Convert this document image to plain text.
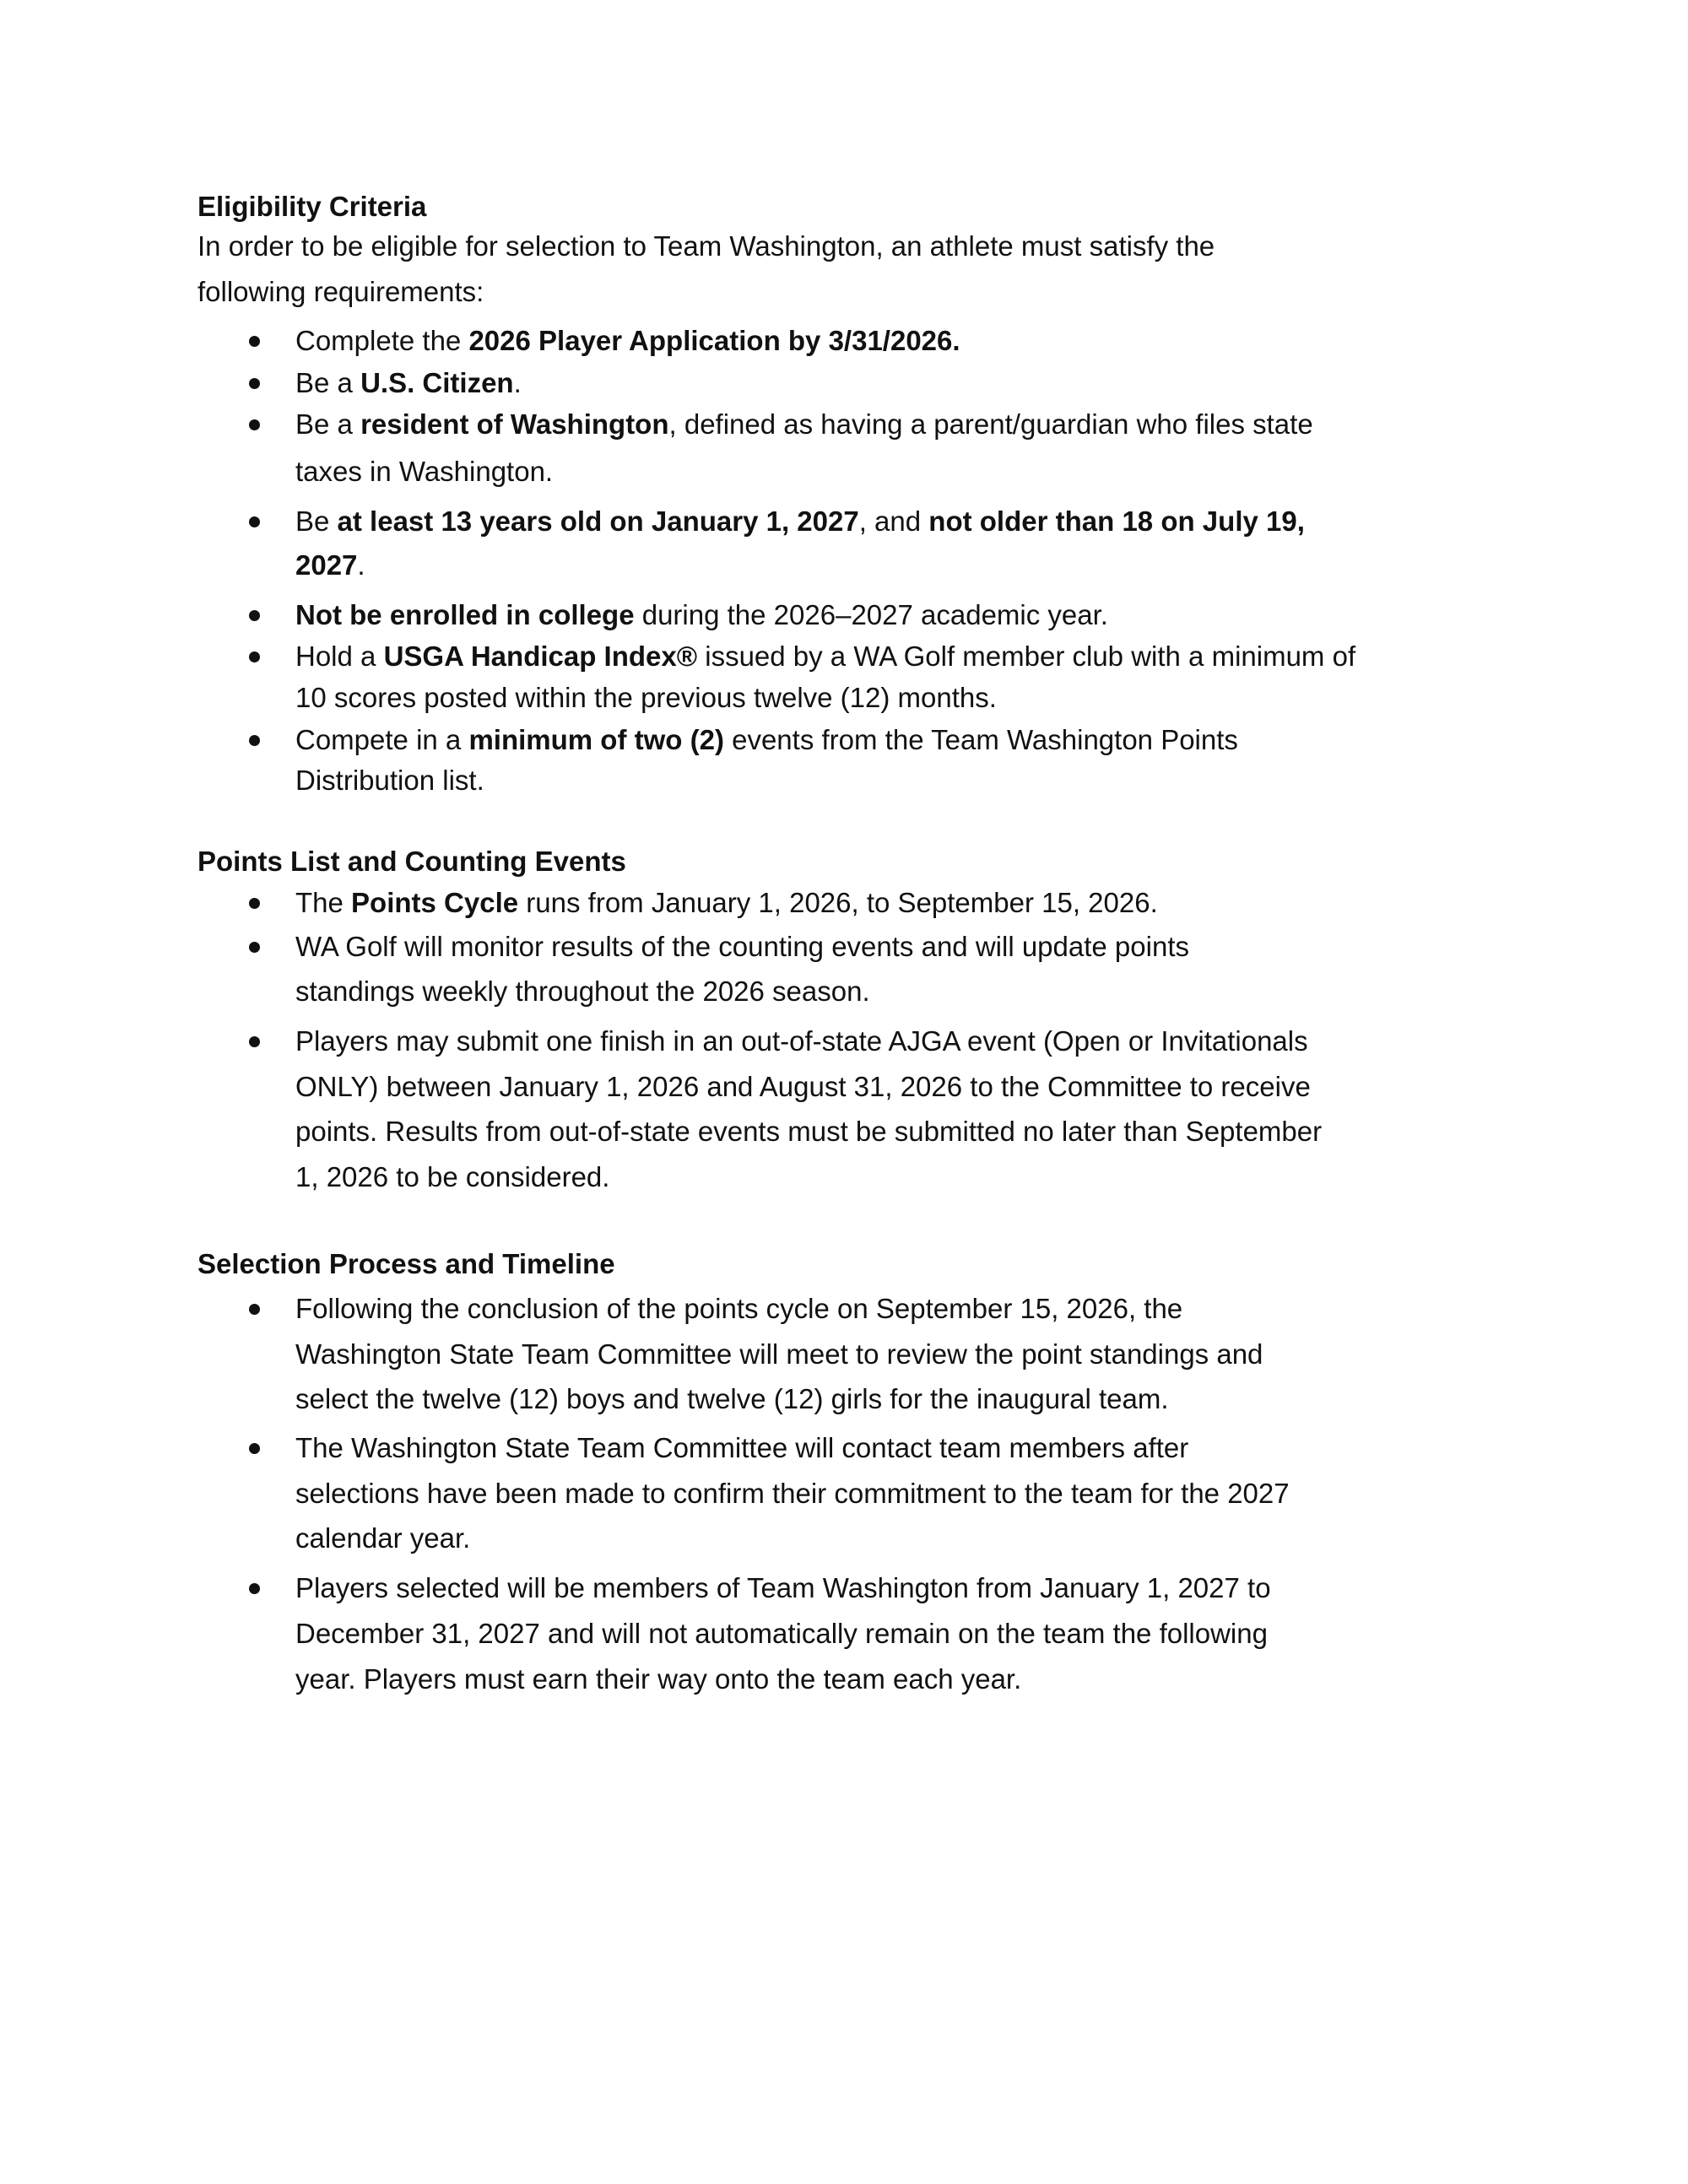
Eligibility Criteria
In order to be eligible for selection to Team Washington, an athlete must satisfy the
following requirements:
Complete the 2026 Player Application by 3/31/2026.
Be a U.S. Citizen.
Be a resident of Washington, defined as having a parent/guardian who files state
taxes in Washington.
Be at least 13 years old on January 1, 2027, and not older than 18 on July 19,
2027.
Not be enrolled in college during the 2026–2027 academic year.
Hold a USGA Handicap Index® issued by a WA Golf member club with a minimum of
10 scores posted within the previous twelve (12) months.
Compete in a minimum of two (2) events from the Team Washington Points
Distribution list.
Points List and Counting Events
The Points Cycle runs from January 1, 2026, to September 15, 2026.
WA Golf will monitor results of the counting events and will update points
standings weekly throughout the 2026 season.
Players may submit one finish in an out-of-state AJGA event (Open or Invitationals
ONLY) between January 1, 2026 and August 31, 2026 to the Committee to receive
points. Results from out-of-state events must be submitted no later than September
1, 2026 to be considered.
Selection Process and Timeline
Following the conclusion of the points cycle on September 15, 2026, the
Washington State Team Committee will meet to review the point standings and
select the twelve (12) boys and twelve (12) girls for the inaugural team.
The Washington State Team Committee will contact team members after
selections have been made to confirm their commitment to the team for the 2027
calendar year.
Players selected will be members of Team Washington from January 1, 2027 to
December 31, 2027 and will not automatically remain on the team the following
year. Players must earn their way onto the team each year.
